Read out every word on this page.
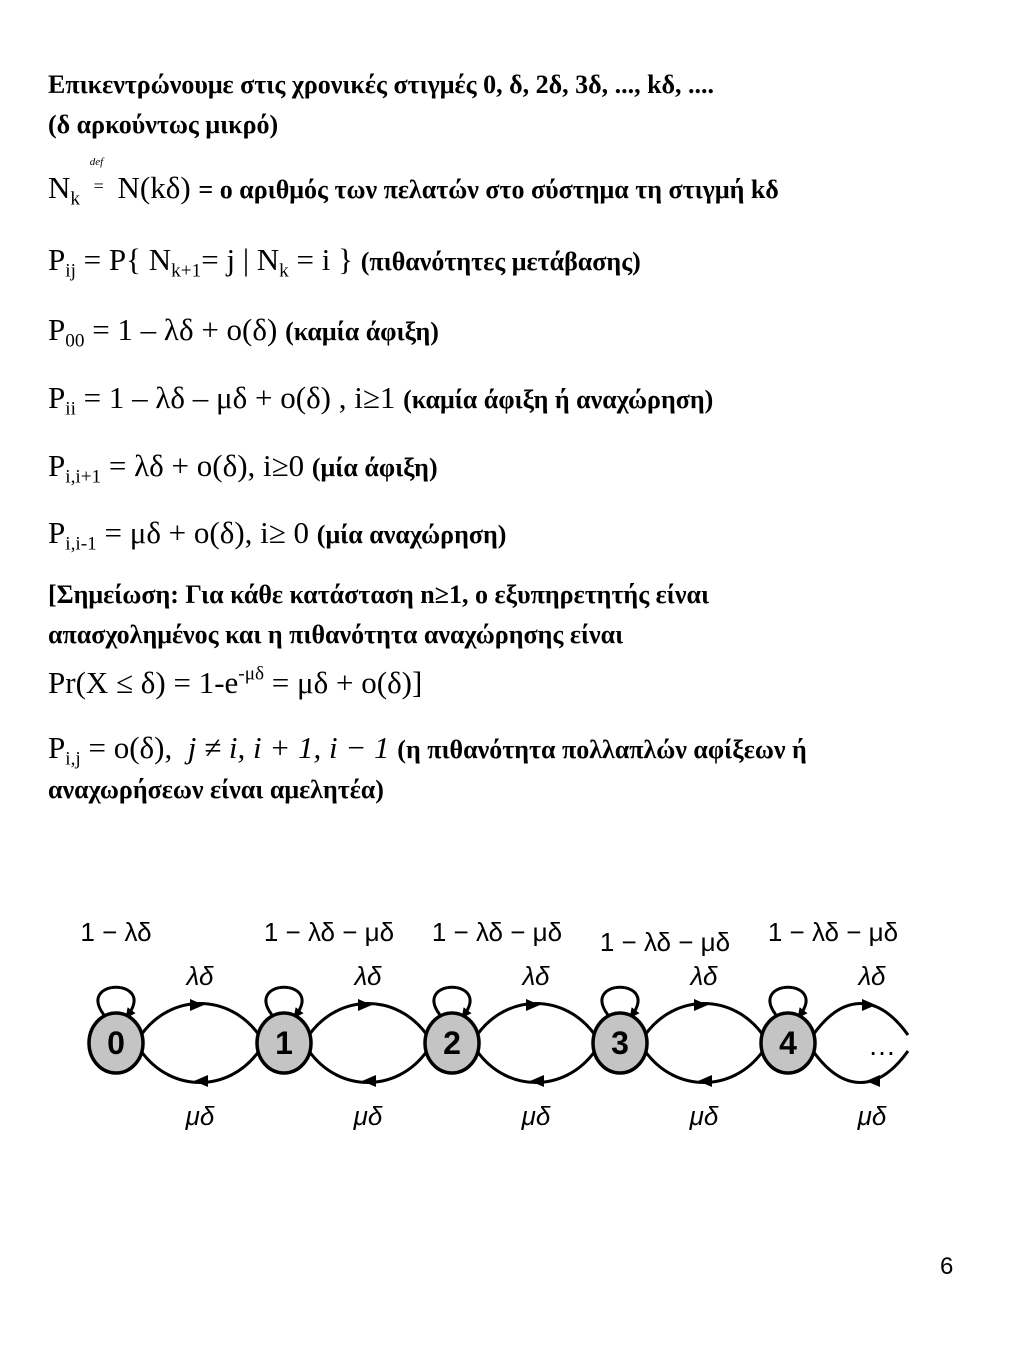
Επικεντρώνουμε στις χρονικές στιγμές 0, δ, 2δ, 3δ, ..., kδ, ....
(δ αρκούντως μικρό)
$N_k$
def
= N(kδ) = ο αριθμός των πελατών στο σύστημα τη στιγμή kδ
$P_{ij} = P${ $N_{k+1}= j$ | $N_k = i$ } (πιθανότητες μετάβασης)
$P_{00} = 1 - \lambda\delta + o(\delta)$ (καμία άφιξη)
$P_{ii} = 1 - \lambda\delta - \mu\delta + o(\delta)$ , i≥1 (καμία άφιξη ή αναχώρηση)
$P_{i,i+1} = \lambda\delta + o(\delta)$, i≥0 (μία άφιξη)
$P_{i,i-1} = \mu\delta + o(\delta)$, i≥ 0 (μία αναχώρηση)
[Σημείωση: Για κάθε κατάσταση n≥1, ο εξυπηρετητής είναι
απασχολημένος και η πιθανότητα αναχώρησης είναι
$Pr(X \le \delta) = 1-e^{-\mu\delta} = \mu\delta + o(\delta)$]
$P_{i,j} = o(\delta)$, j ≠ i, i + 1, i − 1 (η πιθανότητα πολλαπλών αφίξεων ή
αναχωρήσεων είναι αμελητέα)
1 − λδ
λδ
μδ
0
1 − λδ − μδ
λδ
μδ
1
1 − λδ − μδ
λδ
μδ
2
1 − λδ − μδ
λδ
μδ
3
1 − λδ − μδ
λδ
μδ
4	…
6
